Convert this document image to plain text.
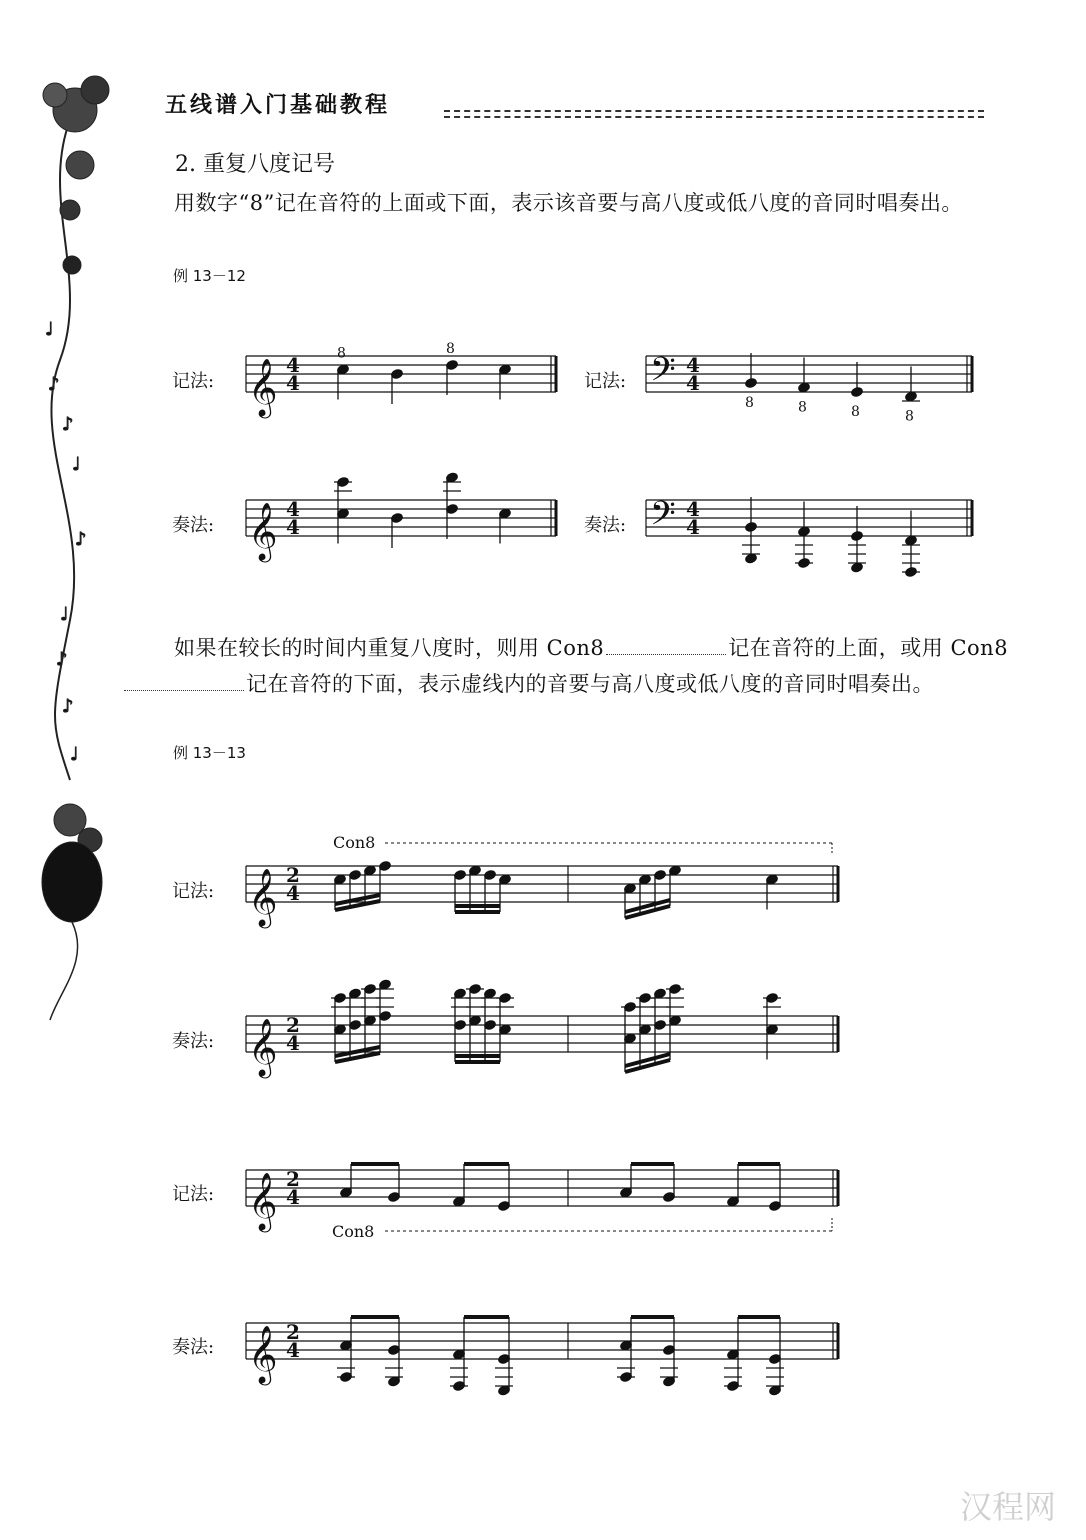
♩
♪
♪
♩
♪
♩
♪
♪
♩
五线谱入门基础教程
2. 重复八度记号
用数字“8”记在音符的上面或下面，表示该音要与高八度或低八度的音同时唱奏出。
例 13－12
如果在较长的时间内重复八度时，则用 Con8	记在音符的上面，或用 Con8记在音符的下面，表示虚线内的音要与高八度或低八度的音同时唱奏出。
例 13－13
记法:	记法:
奏法:	奏法:
记法:
奏法:
记法:
奏法:
𝄞 4
4
8	8
𝄢 4
4
8	8	8	8
𝄞 4
4	𝄢 4
4
𝄞 2
4
Con8
𝄞 2
4
𝄞 2
4
Con8
𝄞 2
4
汉程网
